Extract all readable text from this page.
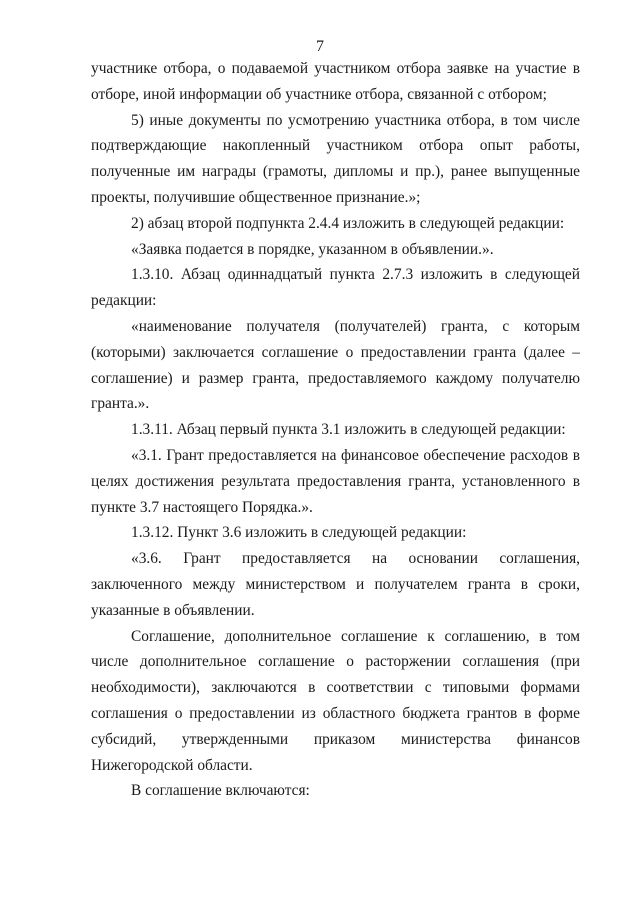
7

участнике отбора, о подаваемой участником отбора заявке на участие в отборе, иной информации об участнике отбора, связанной с отбором;

5) иные документы по усмотрению участника отбора, в том числе подтверждающие накопленный участником отбора опыт работы, полученные им награды (грамоты, дипломы и пр.), ранее выпущенные проекты, получившие общественное признание.»;

2) абзац второй подпункта 2.4.4 изложить в следующей редакции:

«Заявка подается в порядке, указанном в объявлении.».

1.3.10. Абзац одиннадцатый пункта 2.7.3 изложить в следующей редакции:

«наименование получателя (получателей) гранта, с которым (которыми) заключается соглашение о предоставлении гранта (далее – соглашение) и размер гранта, предоставляемого каждому получателю гранта.».

1.3.11. Абзац первый пункта 3.1 изложить в следующей редакции:

«3.1. Грант предоставляется на финансовое обеспечение расходов в целях достижения результата предоставления гранта, установленного в пункте 3.7 настоящего Порядка.».

1.3.12. Пункт 3.6 изложить в следующей редакции:

«3.6. Грант предоставляется на основании соглашения, заключенного между министерством и получателем гранта в сроки, указанные в объявлении.

Соглашение, дополнительное соглашение к соглашению, в том числе дополнительное соглашение о расторжении соглашения (при необходимости), заключаются в соответствии с типовыми формами соглашения о предоставлении из областного бюджета грантов в форме субсидий, утвержденными приказом министерства финансов Нижегородской области.

В соглашение включаются:
